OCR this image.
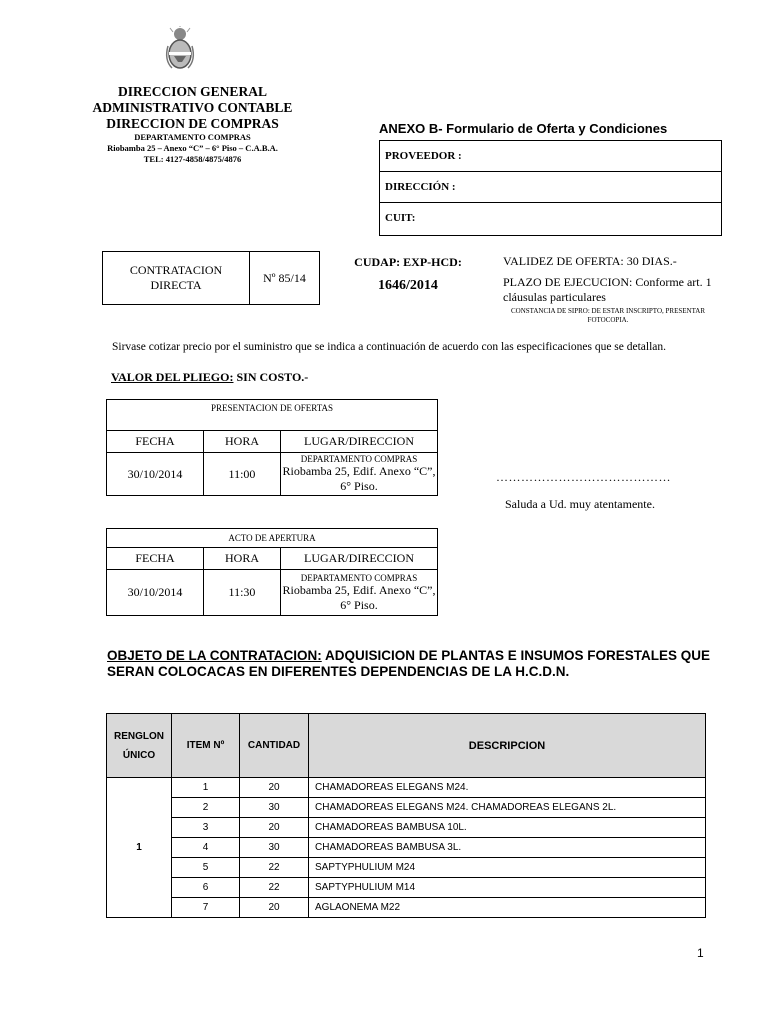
DIRECCION GENERAL
ADMINISTRATIVO CONTABLE
DIRECCION DE COMPRAS
DEPARTAMENTO COMPRAS
Riobamba 25 – Anexo “C” – 6° Piso – C.A.B.A.
TEL: 4127-4858/4875/4876
ANEXO B- Formulario de Oferta y Condiciones
PROVEEDOR :
DIRECCIÓN :
CUIT:
CONTRATACION DIRECTA
Nº 85/14
CUDAP: EXP-HCD:
1646/2014
VALIDEZ DE OFERTA: 30 DIAS.-
PLAZO DE EJECUCION: Conforme art. 1 cláusulas particulares
CONSTANCIA DE SIPRO: DE ESTAR INSCRIPTO, PRESENTAR FOTOCOPIA.
Sirvase cotizar precio por el suministro que se indica a continuación de acuerdo con las especificaciones que se detallan.
VALOR DEL PLIEGO: SIN COSTO.-
PRESENTACION DE OFERTAS		
FECHA	HORA	LUGAR/DIRECCION
30/10/2014	11:00	DEPARTAMENTO COMPRAS
Riobamba 25, Edif. Anexo “C”, 6° Piso.
……………………………………
Saluda a Ud. muy atentamente.
ACTO DE APERTURA		
FECHA	HORA	LUGAR/DIRECCION
30/10/2014	11:30	DEPARTAMENTO COMPRAS
Riobamba 25, Edif. Anexo “C”, 6° Piso.
OBJETO DE LA CONTRATACION: ADQUISICION DE PLANTAS E INSUMOS FORESTALES QUE SERAN COLOCACAS EN DIFERENTES DEPENDENCIAS DE LA H.C.D.N.
RENGLON
ÚNICO	ITEM Nº	CANTIDAD	DESCRIPCION
1	1	20	CHAMADOREAS ELEGANS M24.
	2	30	CHAMADOREAS ELEGANS M24. CHAMADOREAS ELEGANS 2L.
	3	20	CHAMADOREAS BAMBUSA 10L.
	4	30	CHAMADOREAS BAMBUSA 3L.
	5	22	SAPTYPHULIUM M24
	6	22	SAPTYPHULIUM M14
	7	20	AGLAONEMA M22
1
